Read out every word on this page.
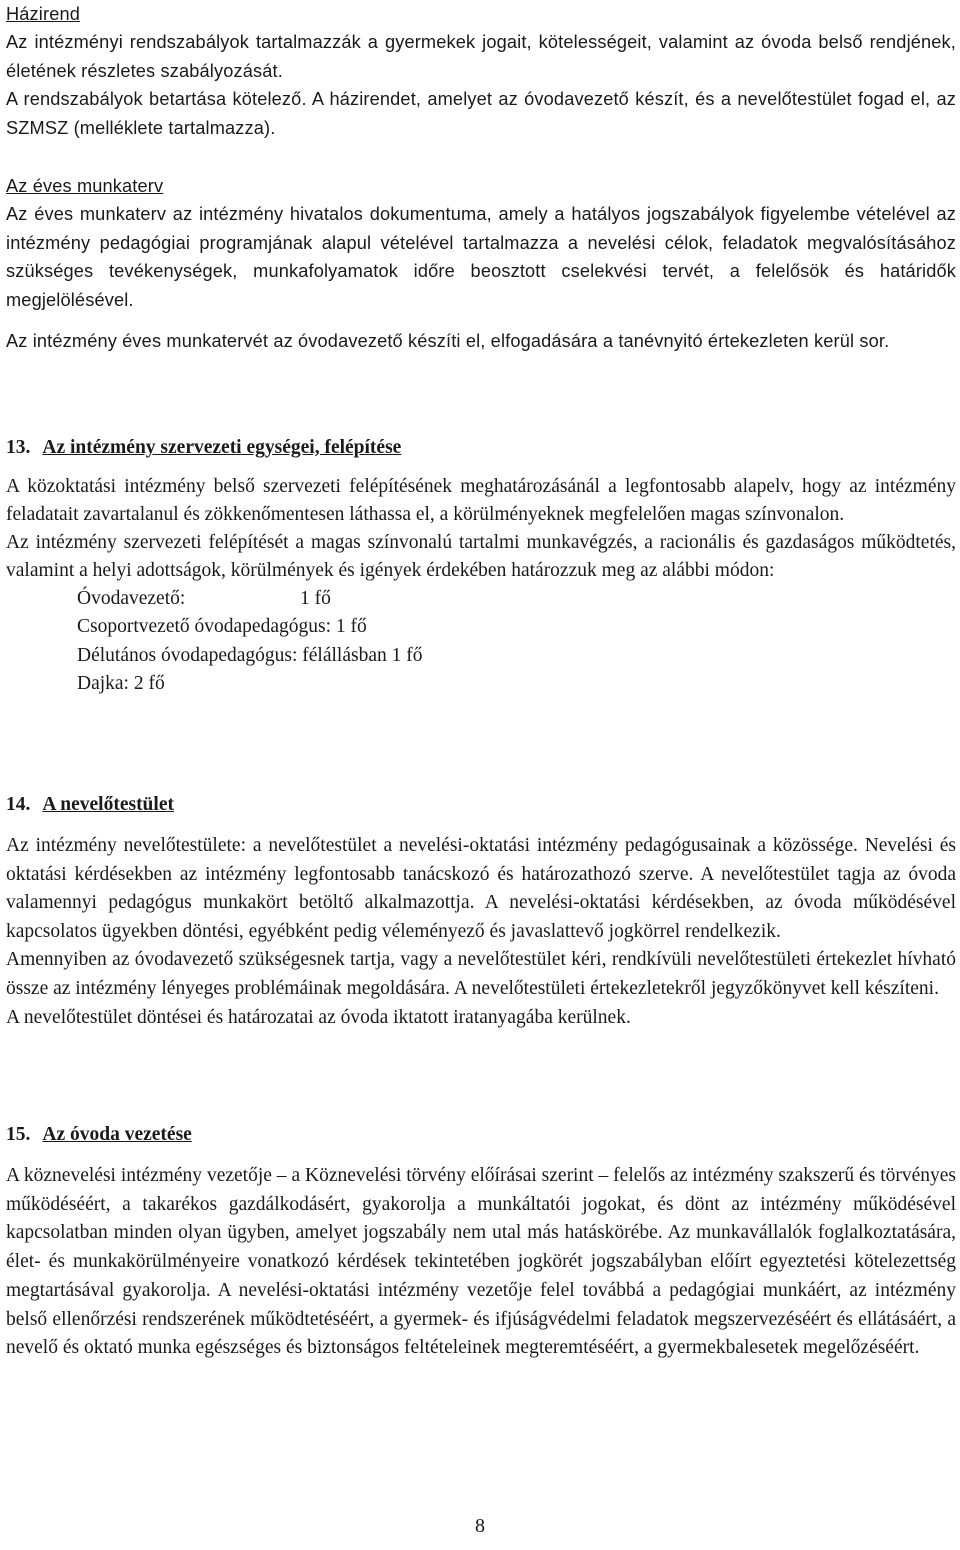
Házirend

Az intézményi rendszabályok tartalmazzák a gyermekek jogait, kötelességeit, valamint az óvoda belső rendjének, életének részletes szabályozását.

A rendszabályok betartása kötelező. A házirendet, amelyet az óvodavezető készít, és a nevelőtestület fogad el, az SZMSZ (melléklete tartalmazza).

Az éves munkaterv

Az éves munkaterv az intézmény hivatalos dokumentuma, amely a hatályos jogszabályok figyelembe vételével az intézmény pedagógiai programjának alapul vételével tartalmazza a nevelési célok, feladatok megvalósításához szükséges tevékenységek, munkafolyamatok időre beosztott cselekvési tervét, a felelősök és határidők megjelölésével.

Az intézmény éves munkatervét az óvodavezető készíti el, elfogadására a tanévnyitó értekezleten kerül sor.

13. Az intézmény szervezeti egységei, felépítése

A közoktatási intézmény belső szervezeti felépítésének meghatározásánál a legfontosabb alapelv, hogy az intézmény feladatait zavartalanul és zökkenőmentesen láthassa el, a körülményeknek megfelelően magas színvonalon.

Az intézmény szervezeti felépítését a magas színvonalú tartalmi munkavégzés, a racionális és gazdaságos működtetés, valamint a helyi adottságok, körülmények és igények érdekében határozzuk meg az alábbi módon:

Óvodavezető:	1 fő
Csoportvezető óvodapedagógus: 1 fő
Délutános óvodapedagógus: félállásban 1 fő
Dajka: 2 fő
14. A nevelőtestület

Az intézmény nevelőtestülete: a nevelőtestület a nevelési-oktatási intézmény pedagógusainak a közössége. Nevelési és oktatási kérdésekben az intézmény legfontosabb tanácskozó és határozathozó szerve. A nevelőtestület tagja az óvoda valamennyi pedagógus munkakört betöltő alkalmazottja. A nevelési-oktatási kérdésekben, az óvoda működésével kapcsolatos ügyekben döntési, egyébként pedig véleményező és javaslattevő jogkörrel rendelkezik.

Amennyiben az óvodavezető szükségesnek tartja, vagy a nevelőtestület kéri, rendkívüli nevelőtestületi értekezlet hívható össze az intézmény lényeges problémáinak megoldására. A nevelőtestületi értekezletekről jegyzőkönyvet kell készíteni.

A nevelőtestület döntései és határozatai az óvoda iktatott iratanyagába kerülnek.

15. Az óvoda vezetése

A köznevelési intézmény vezetője – a Köznevelési törvény előírásai szerint – felelős az intézmény szakszerű és törvényes működéséért, a takarékos gazdálkodásért, gyakorolja a munkáltatói jogokat, és dönt az intézmény működésével kapcsolatban minden olyan ügyben, amelyet jogszabály nem utal más hatáskörébe. Az munkavállalók foglalkoztatására, élet- és munkakörülményeire vonatkozó kérdések tekintetében jogkörét jogszabályban előírt egyeztetési kötelezettség megtartásával gyakorolja. A nevelési-oktatási intézmény vezetője felel továbbá a pedagógiai munkáért, az intézmény belső ellenőrzési rendszerének működtetéséért, a gyermek- és ifjúságvédelmi feladatok megszervezéséért és ellátásáért, a nevelő és oktató munka egészséges és biztonságos feltételeinek megteremtéséért, a gyermekbalesetek megelőzéséért.

8
